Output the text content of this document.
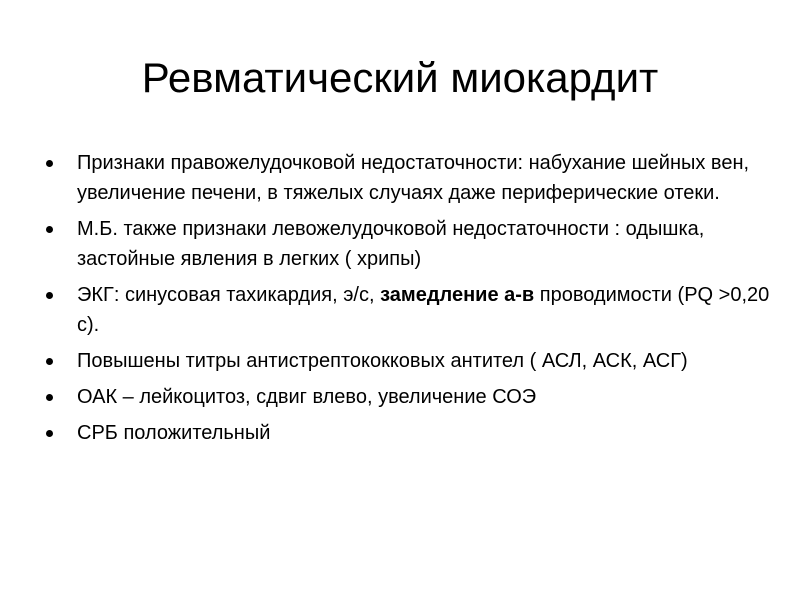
Ревматический миокардит
Признаки правожелудочковой недостаточности: набухание шейных вен, увеличение печени, в тяжелых случаях даже периферические отеки.
М.Б. также признаки левожелудочковой недостаточности : одышка, застойные явления в легких ( хрипы)
ЭКГ: синусовая тахикардия, э/с, замедление а-в проводимости (PQ >0,20 с).
Повышены титры антистрептококковых антител ( АСЛ, АСК, АСГ)
ОАК – лейкоцитоз, сдвиг влево, увеличение СОЭ
СРБ положительный
